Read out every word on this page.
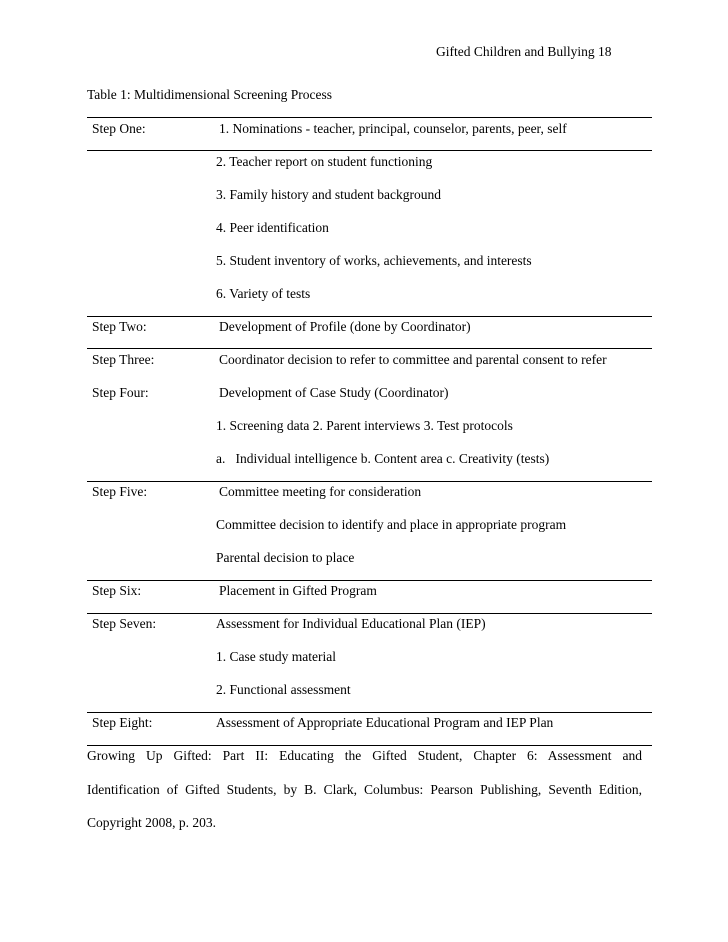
Gifted Children and Bullying 18
Table 1: Multidimensional Screening Process
Step One:	1. Nominations - teacher, principal, counselor, parents, peer, self
2. Teacher report on student functioning
3. Family history and student background
4. Peer identification
5. Student inventory of works, achievements, and interests
6. Variety of tests
Step Two:	Development of Profile (done by Coordinator)
Step Three:	Coordinator decision to refer to committee and parental consent to refer
Step Four:	Development of Case Study (Coordinator)
1. Screening data 2. Parent interviews 3. Test protocols
a.   Individual intelligence b. Content area c. Creativity (tests)
Step Five:	Committee meeting for consideration
Committee decision to identify and place in appropriate program
Parental decision to place
Step Six:	Placement in Gifted Program
Step Seven:	Assessment for Individual Educational Plan (IEP)
1. Case study material
2. Functional assessment
Step Eight:	Assessment of Appropriate Educational Program and IEP Plan
Growing Up Gifted: Part II: Educating the Gifted Student, Chapter 6: Assessment and
Identification of Gifted Students, by B. Clark, Columbus: Pearson Publishing, Seventh Edition,
Copyright 2008, p. 203.
